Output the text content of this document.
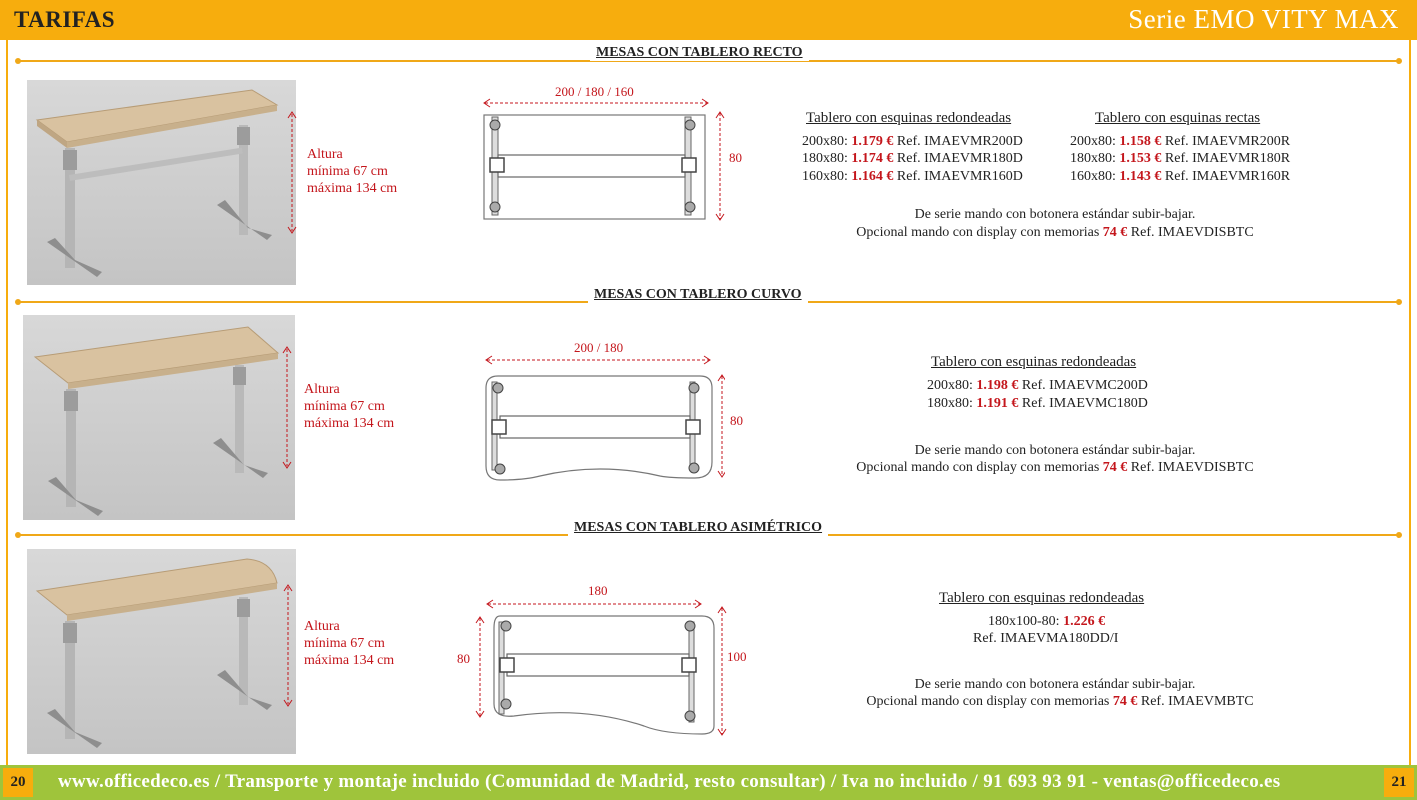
TARIFAS	Serie EMO VITY MAX
MESAS CON TABLERO RECTO
Altura
mínima 67 cm
máxima 134 cm
200 / 180 / 160
80
Tablero con esquinas redondeadas
200x80: 1.179 € Ref. IMAEVMR200D
180x80: 1.174 € Ref. IMAEVMR180D
160x80: 1.164 € Ref. IMAEVMR160D
Tablero con esquinas rectas
200x80: 1.158 € Ref. IMAEVMR200R
180x80: 1.153 € Ref. IMAEVMR180R
160x80: 1.143 € Ref. IMAEVMR160R
De serie mando con botonera estándar subir-bajar.
Opcional mando con display con memorias 74 € Ref. IMAEVDISBTC
MESAS CON TABLERO CURVO
Altura
mínima 67 cm
máxima 134 cm
200 / 180
80
Tablero con esquinas redondeadas
200x80: 1.198 € Ref. IMAEVMC200D
180x80: 1.191 € Ref. IMAEVMC180D
De serie mando con botonera estándar subir-bajar.
Opcional mando con display con memorias 74 € Ref. IMAEVDISBTC
MESAS CON TABLERO ASIMÉTRICO
Altura
mínima 67 cm
máxima 134 cm
180
80	100
Tablero con esquinas redondeadas
180x100-80: 1.226 €
Ref. IMAEVMA180DD/I
De serie mando con botonera estándar subir-bajar.
Opcional mando con display con memorias 74 € Ref. IMAEVMBTC
20	www.officedeco.es / Transporte y montaje incluido (Comunidad de Madrid, resto consultar) / Iva no incluido / 91 693 93 91 - ventas@officedeco.es	21
